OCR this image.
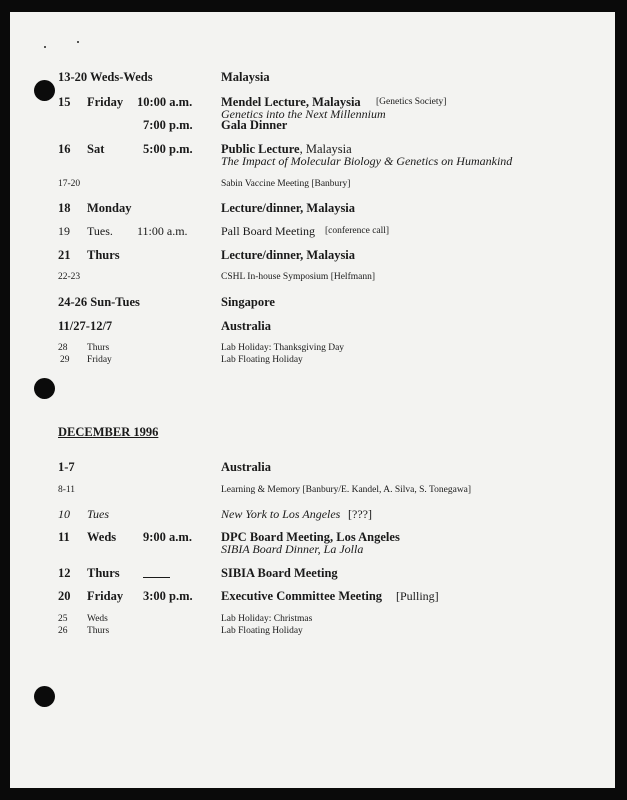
13-20 Weds-Weds	Malaysia
15 Friday 10:00 a.m. Mendel Lecture, Malaysia [Genetics Society]
Genetics into the Next Millennium
7:00 p.m. Gala Dinner
16 Sat	5:00 p.m. Public Lecture, Malaysia
The Impact of Molecular Biology & Genetics on Humankind
17-20	Sabin Vaccine Meeting [Banbury]
18 Monday	Lecture/dinner, Malaysia
19 Tues. 11:00 a.m.	Pall Board Meeting [conference call]
21 Thurs	Lecture/dinner, Malaysia
22-23	CSHL In-house Symposium [Helfmann]
24-26 Sun-Tues	Singapore
11/27-12/7	Australia
28 Thurs	Lab Holiday: Thanksgiving Day
29 Friday	Lab Floating Holiday
DECEMBER 1996
1-7	Australia
8-11	Learning & Memory [Banbury/E. Kandel, A. Silva, S. Tonegawa]
10 Tues	New York to Los Angeles [???]
11 Weds 9:00 a.m. DPC Board Meeting, Los Angeles
SIBIA Board Dinner, La Jolla
12 Thurs	SIBIA Board Meeting
20 Friday 3:00 p.m. Executive Committee Meeting [Pulling]
25 Weds	Lab Holiday: Christmas
26 Thurs	Lab Floating Holiday
